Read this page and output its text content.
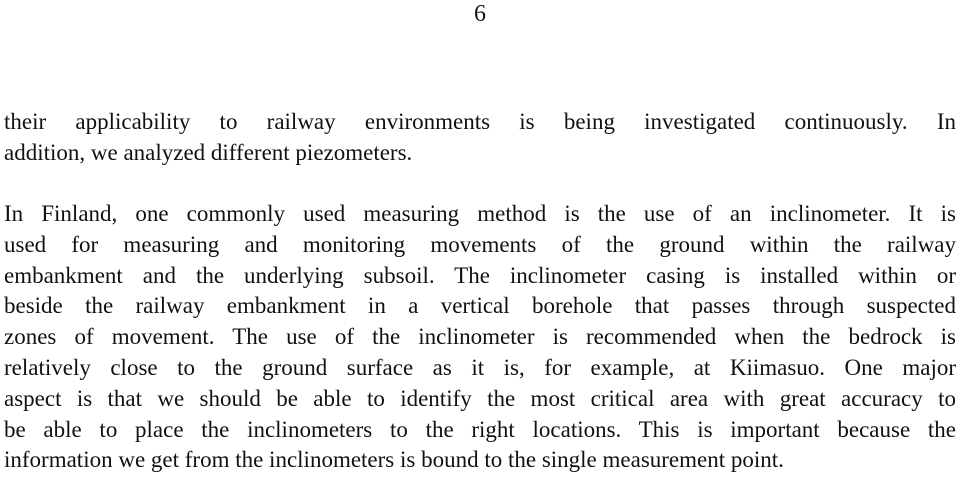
6
their applicability to railway environments is being investigated continuously. In
addition, we analyzed different piezometers.
In Finland, one commonly used measuring method is the use of an inclinometer. It is
used for measuring and monitoring movements of the ground within the railway
embankment and the underlying subsoil. The inclinometer casing is installed within or
beside the railway embankment in a vertical borehole that passes through suspected
zones of movement. The use of the inclinometer is recommended when the bedrock is
relatively close to the ground surface as it is, for example, at Kiimasuo. One major
aspect is that we should be able to identify the most critical area with great accuracy to
be able to place the inclinometers to the right locations. This is important because the
information we get from the inclinometers is bound to the single measurement point.
